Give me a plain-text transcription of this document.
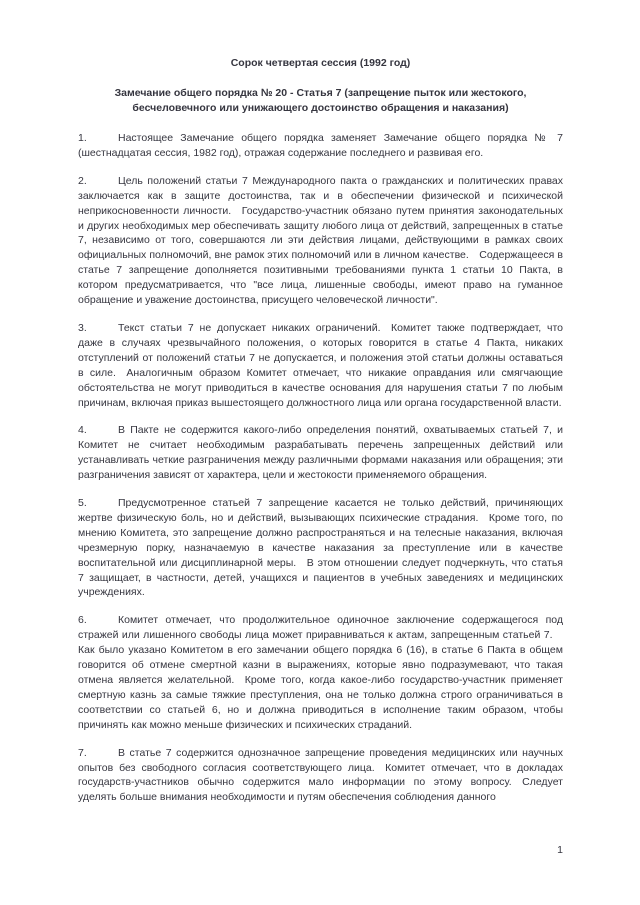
Сорок четвертая сессия (1992 год)
Замечание общего порядка № 20 - Статья 7 (запрещение пыток или жестокого, бесчеловечного или унижающего достоинство обращения и наказания)

1.	Настоящее Замечание общего порядка заменяет Замечание общего порядка № 7 (шестнадцатая сессия, 1982 год), отражая содержание последнего и развивая его.

2.	Цель положений статьи 7 Международного пакта о гражданских и политических правах заключается как в защите достоинства, так и в обеспечении физической и психической неприкосновенности личности. Государство-участник обязано путем принятия законодательных и других необходимых мер обеспечивать защиту любого лица от действий, запрещенных в статье 7, независимо от того, совершаются ли эти действия лицами, действующими в рамках своих официальных полномочий, вне рамок этих полномочий или в личном качестве. Содержащееся в статье 7 запрещение дополняется позитивными требованиями пункта 1 статьи 10 Пакта, в котором предусматривается, что "все лица, лишенные свободы, имеют право на гуманное обращение и уважение достоинства, присущего человеческой личности".

3.	Текст статьи 7 не допускает никаких ограничений. Комитет также подтверждает, что даже в случаях чрезвычайного положения, о которых говорится в статье 4 Пакта, никаких отступлений от положений статьи 7 не допускается, и положения этой статьи должны оставаться в силе. Аналогичным образом Комитет отмечает, что никакие оправдания или смягчающие обстоятельства не могут приводиться в качестве основания для нарушения статьи 7 по любым причинам, включая приказ вышестоящего должностного лица или органа государственной власти.

4.	В Пакте не содержится какого-либо определения понятий, охватываемых статьей 7, и Комитет не считает необходимым разрабатывать перечень запрещенных действий или устанавливать четкие разграничения между различными формами наказания или обращения; эти разграничения зависят от характера, цели и жестокости применяемого обращения.

5.	Предусмотренное статьей 7 запрещение касается не только действий, причиняющих жертве физическую боль, но и действий, вызывающих психические страдания. Кроме того, по мнению Комитета, это запрещение должно распространяться и на телесные наказания, включая чрезмерную порку, назначаемую в качестве наказания за преступление или в качестве воспитательной или дисциплинарной меры. В этом отношении следует подчеркнуть, что статья 7 защищает, в частности, детей, учащихся и пациентов в учебных заведениях и медицинских учреждениях.

6.	Комитет отмечает, что продолжительное одиночное заключение содержащегося под стражей или лишенного свободы лица может приравниваться к актам, запрещенным статьей 7. Как было указано Комитетом в его замечании общего порядка 6 (16), в статье 6 Пакта в общем говорится об отмене смертной казни в выражениях, которые явно подразумевают, что такая отмена является желательной. Кроме того, когда какое-либо государство-участник применяет смертную казнь за самые тяжкие преступления, она не только должна строго ограничиваться в соответствии со статьей 6, но и должна приводиться в исполнение таким образом, чтобы причинять как можно меньше физических и психических страданий.

7.	В статье 7 содержится однозначное запрещение проведения медицинских или научных опытов без свободного согласия соответствующего лица. Комитет отмечает, что в докладах государств-участников обычно содержится мало информации по этому вопросу. Следует уделять больше внимания необходимости и путям обеспечения соблюдения данного

1
